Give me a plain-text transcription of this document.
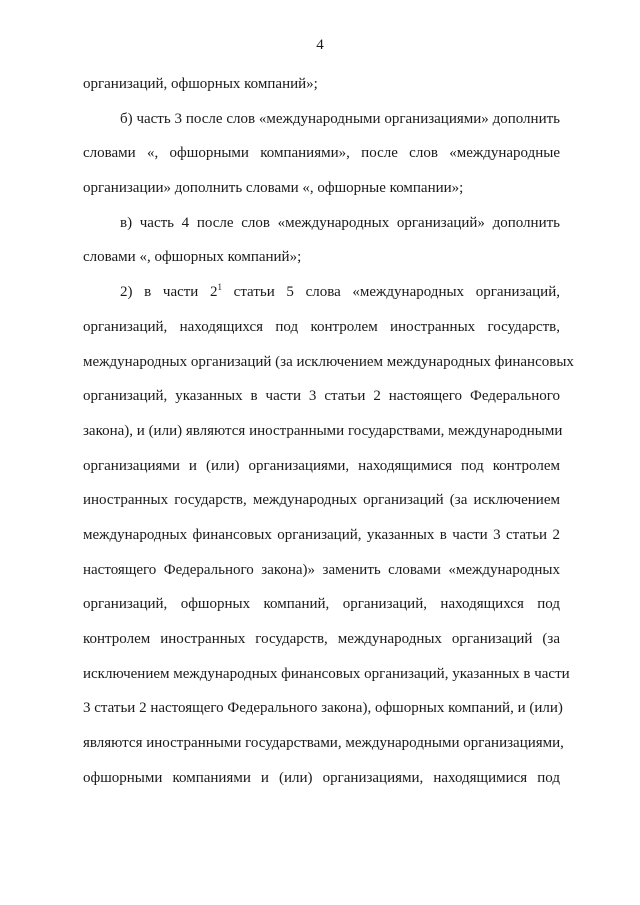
4
организаций, офшорных компаний»;
б) часть 3 после слов «международными организациями» дополнить
словами «, офшорными компаниями», после слов «международные
организации» дополнить словами «, офшорные компании»;
в) часть 4 после слов «международных организаций» дополнить
словами «, офшорных компаний»;
2) в части $2^1$ статьи 5 слова «международных организаций,
организаций, находящихся под контролем иностранных государств,
международных организаций (за исключением международных финансовых
организаций, указанных в части 3 статьи 2 настоящего Федерального
закона), и (или) являются иностранными государствами, международными
организациями и (или) организациями, находящимися под контролем
иностранных государств, международных организаций (за исключением
международных финансовых организаций, указанных в части 3 статьи 2
настоящего Федерального закона)» заменить словами «международных
организаций, офшорных компаний, организаций, находящихся под
контролем иностранных государств, международных организаций (за
исключением международных финансовых организаций, указанных в части
3 статьи 2 настоящего Федерального закона), офшорных компаний, и (или)
являются иностранными государствами, международными организациями,
офшорными компаниями и (или) организациями, находящимися под
